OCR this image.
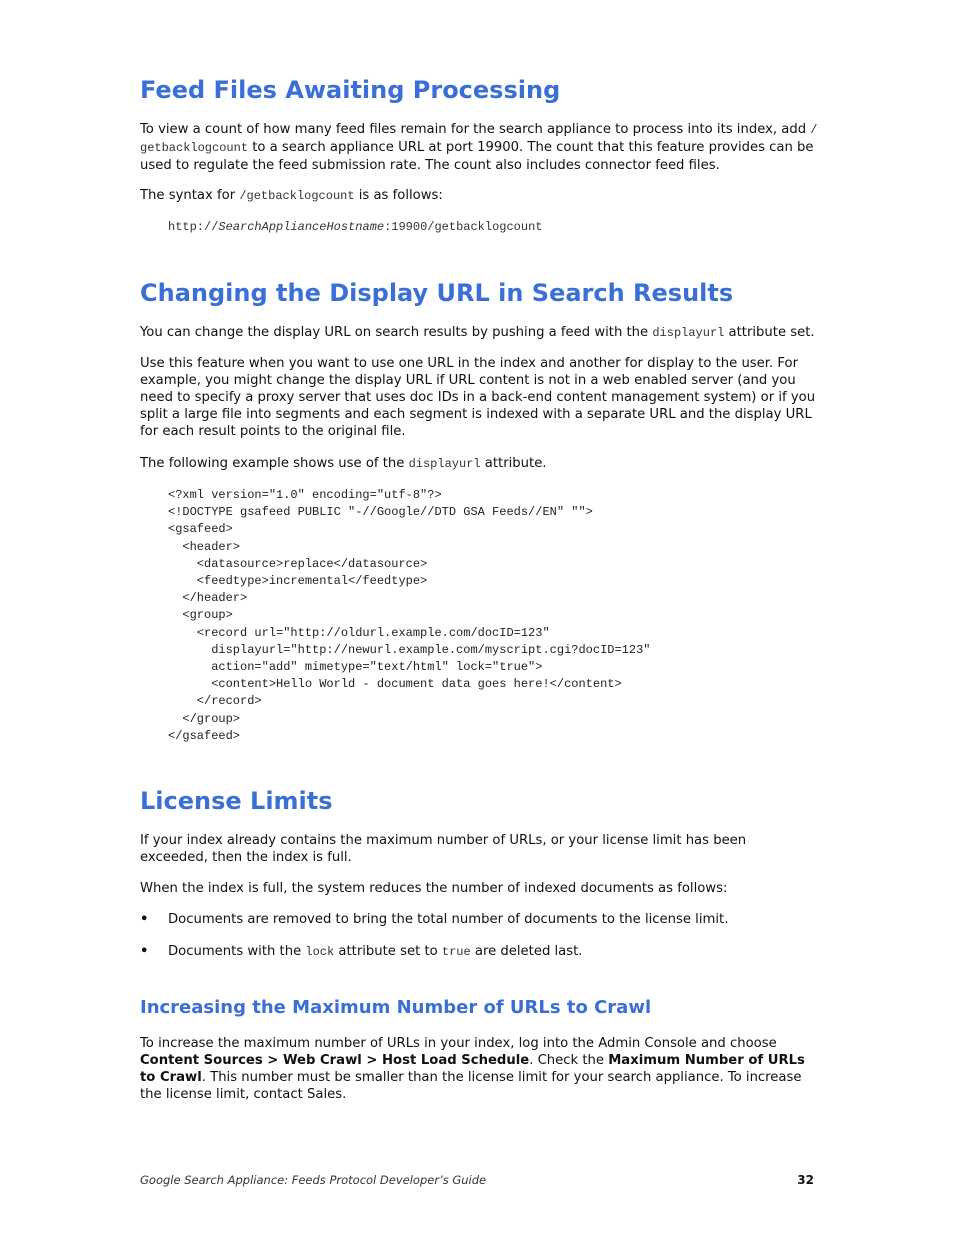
Feed Files Awaiting Processing

To view a count of how many feed files remain for the search appliance to process into its index, add /
getbacklogcount to a search appliance URL at port 19900. The count that this feature provides can be used to regulate the feed submission rate. The count also includes connector feed files.

The syntax for /getbacklogcount is as follows:

http://SearchApplianceHostname:19900/getbacklogcount
Changing the Display URL in Search Results

You can change the display URL on search results by pushing a feed with the displayurl attribute set.

Use this feature when you want to use one URL in the index and another for display to the user. For example, you might change the display URL if URL content is not in a web enabled server (and you need to specify a proxy server that uses doc IDs in a back-end content management system) or if you split a large file into segments and each segment is indexed with a separate URL and the display URL for each result points to the original file.

The following example shows use of the displayurl attribute.

<?xml version="1.0" encoding="utf-8"?>
<!DOCTYPE gsafeed PUBLIC "-//Google//DTD GSA Feeds//EN" "">
<gsafeed>
<header>
<datasource>replace</datasource>
<feedtype>incremental</feedtype>
</header>
<group>
<record url="http://oldurl.example.com/docID=123"
displayurl="http://newurl.example.com/myscript.cgi?docID=123"
action="add" mimetype="text/html" lock="true">
<content>Hello World - document data goes here!</content>
</record>
</group>
</gsafeed>
License Limits

If your index already contains the maximum number of URLs, or your license limit has been exceeded, then the index is full.

When the index is full, the system reduces the number of indexed documents as follows:

• Documents are removed to bring the total number of documents to the license limit.
• Documents with the lock attribute set to true are deleted last.
Increasing the Maximum Number of URLs to Crawl

To increase the maximum number of URLs in your index, log into the Admin Console and choose Content Sources > Web Crawl > Host Load Schedule. Check the Maximum Number of URLs to Crawl. This number must be smaller than the license limit for your search appliance. To increase the license limit, contact Sales.

Google Search Appliance: Feeds Protocol Developer’s Guide	32
